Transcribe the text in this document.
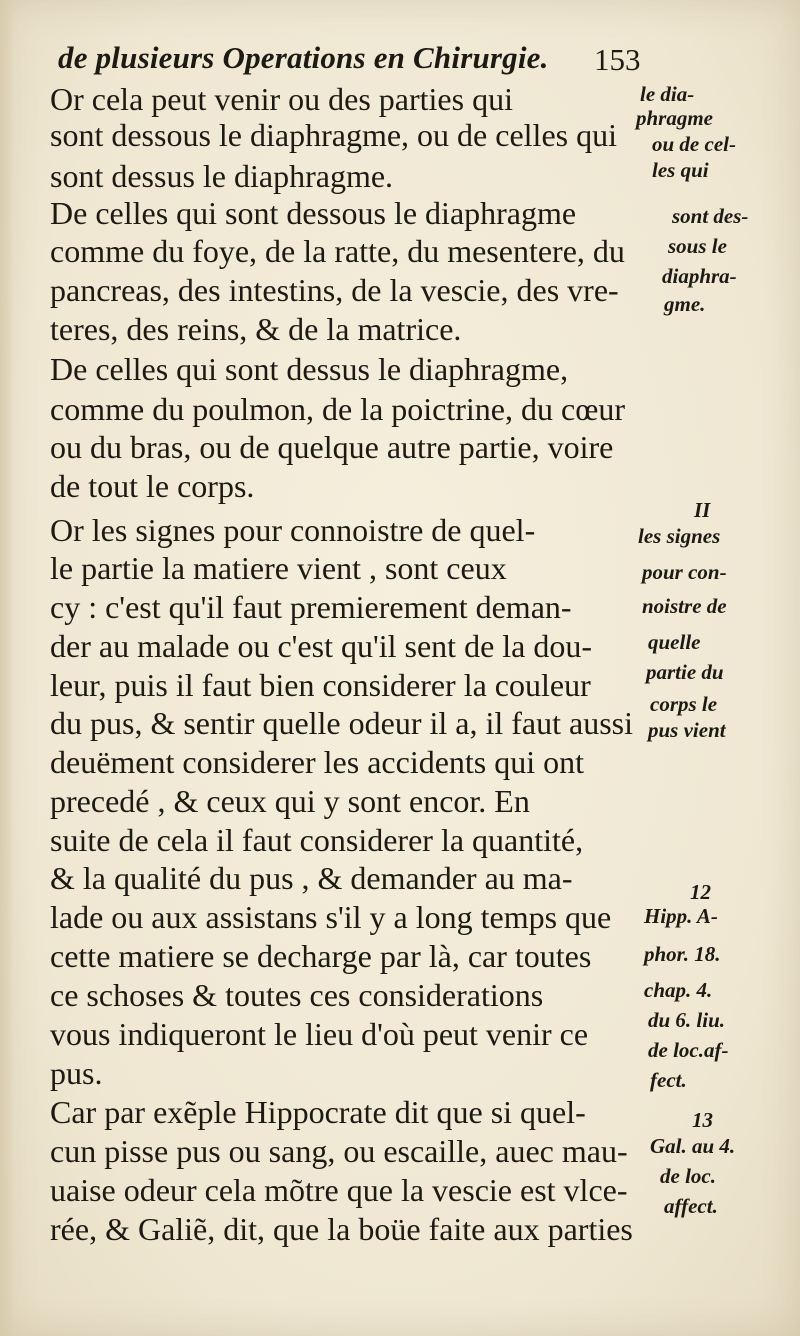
de plusieurs Operations en Chirurgie.	153
Or cela peut venir ou des parties qui
sont dessous le diaphragme, ou de celles qui
sont dessus le diaphragme.
De celles qui sont dessous le diaphragme
comme du foye, de la ratte, du mesentere, du
pancreas, des intestins, de la vescie, des vre-
teres, des reins, & de la matrice.
De celles qui sont dessus le diaphragme,
comme du poulmon, de la poictrine, du cœur
ou du bras, ou de quelque autre partie, voire
de tout le corps.
Or les signes pour connoistre de quel-
le partie la matiere vient , sont ceux
cy : c'est qu'il faut premierement deman-
der au malade ou c'est qu'il sent de la dou-
leur, puis il faut bien considerer la couleur
du pus, & sentir quelle odeur il a, il faut aussi
deuëment considerer les accidents qui ont
precedé , & ceux qui y sont encor. En
suite de cela il faut considerer la quantité,
& la qualité du pus , & demander au ma-
lade ou aux assistans s'il y a long temps que
cette matiere se decharge par là, car toutes
ce schoses & toutes ces considerations
vous indiqueront le lieu d'où peut venir ce
pus.
Car par exẽple Hippocrate dit que si quel-
cun pisse pus ou sang, ou escaille, auec mau-
uaise odeur cela mõtre que la vescie est vlce-
rée, & Galiẽ, dit, que la boüe faite aux parties
le dia-
phragme
ou de cel-
les qui
sont des-
sous le
diaphra-
gme.
II
les signes
pour con-
noistre de
quelle
partie du
corps le
pus vient
12
Hipp. A-
phor. 18.
chap. 4.
du 6. liu.
de loc.af-
fect.
13
Gal. au 4.
de loc.
affect.
